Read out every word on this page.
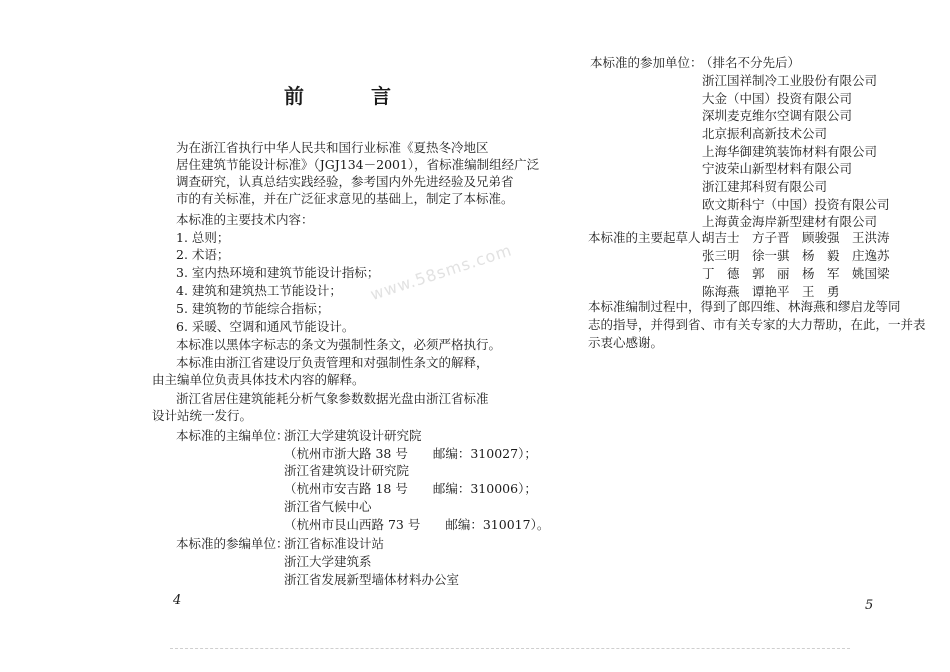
前 言
为在浙江省执行中华人民共和国行业标准《夏热冬冷地区
居住建筑节能设计标准》（JGJ134－2001），省标准编制组经广泛
调查研究，认真总结实践经验，参考国内外先进经验及兄弟省
市的有关标准，并在广泛征求意见的基础上，制定了本标准。
本标准的主要技术内容：
1. 总则；
2. 术语；
3. 室内热环境和建筑节能设计指标；
4. 建筑和建筑热工节能设计；
5. 建筑物的节能综合指标；
6. 采暖、空调和通风节能设计。
本标准以黑体字标志的条文为强制性条文，必须严格执行。
本标准由浙江省建设厅负责管理和对强制性条文的解释，
由主编单位负责具体技术内容的解释。
浙江省居住建筑能耗分析气象参数数据光盘由浙江省标准
设计站统一发行。
本标准的主编单位：
浙江大学建筑设计研究院
（杭州市浙大路 38 号　　邮编：310027）；
浙江省建筑设计研究院
（杭州市安吉路 18 号　　邮编：310006）；
浙江省气候中心
（杭州市艮山西路 73 号　　邮编：310017）。
本标准的参编单位：
浙江省标准设计站
浙江大学建筑系
浙江省发展新型墙体材料办公室
4
本标准的参加单位：
（排名不分先后）
浙江国祥制冷工业股份有限公司
大金（中国）投资有限公司
深圳麦克维尔空调有限公司
北京振利高新技术公司
上海华御建筑装饰材料有限公司
宁波荣山新型材料有限公司
浙江建邦科贸有限公司
欧文斯科宁（中国）投资有限公司
上海黄金海岸新型建材有限公司
本标准的主要起草人：
胡吉士　方子晋　顾骏强　王洪涛
张三明　徐一骐　杨　毅　庄逸苏
丁　德　郭　丽　杨　军　姚国梁
陈海燕　谭艳平　王　勇
本标准编制过程中，得到了郎四维、林海燕和缪启龙等同
志的指导，并得到省、市有关专家的大力帮助，在此，一并表
示衷心感谢。
5
www.58sms.com
